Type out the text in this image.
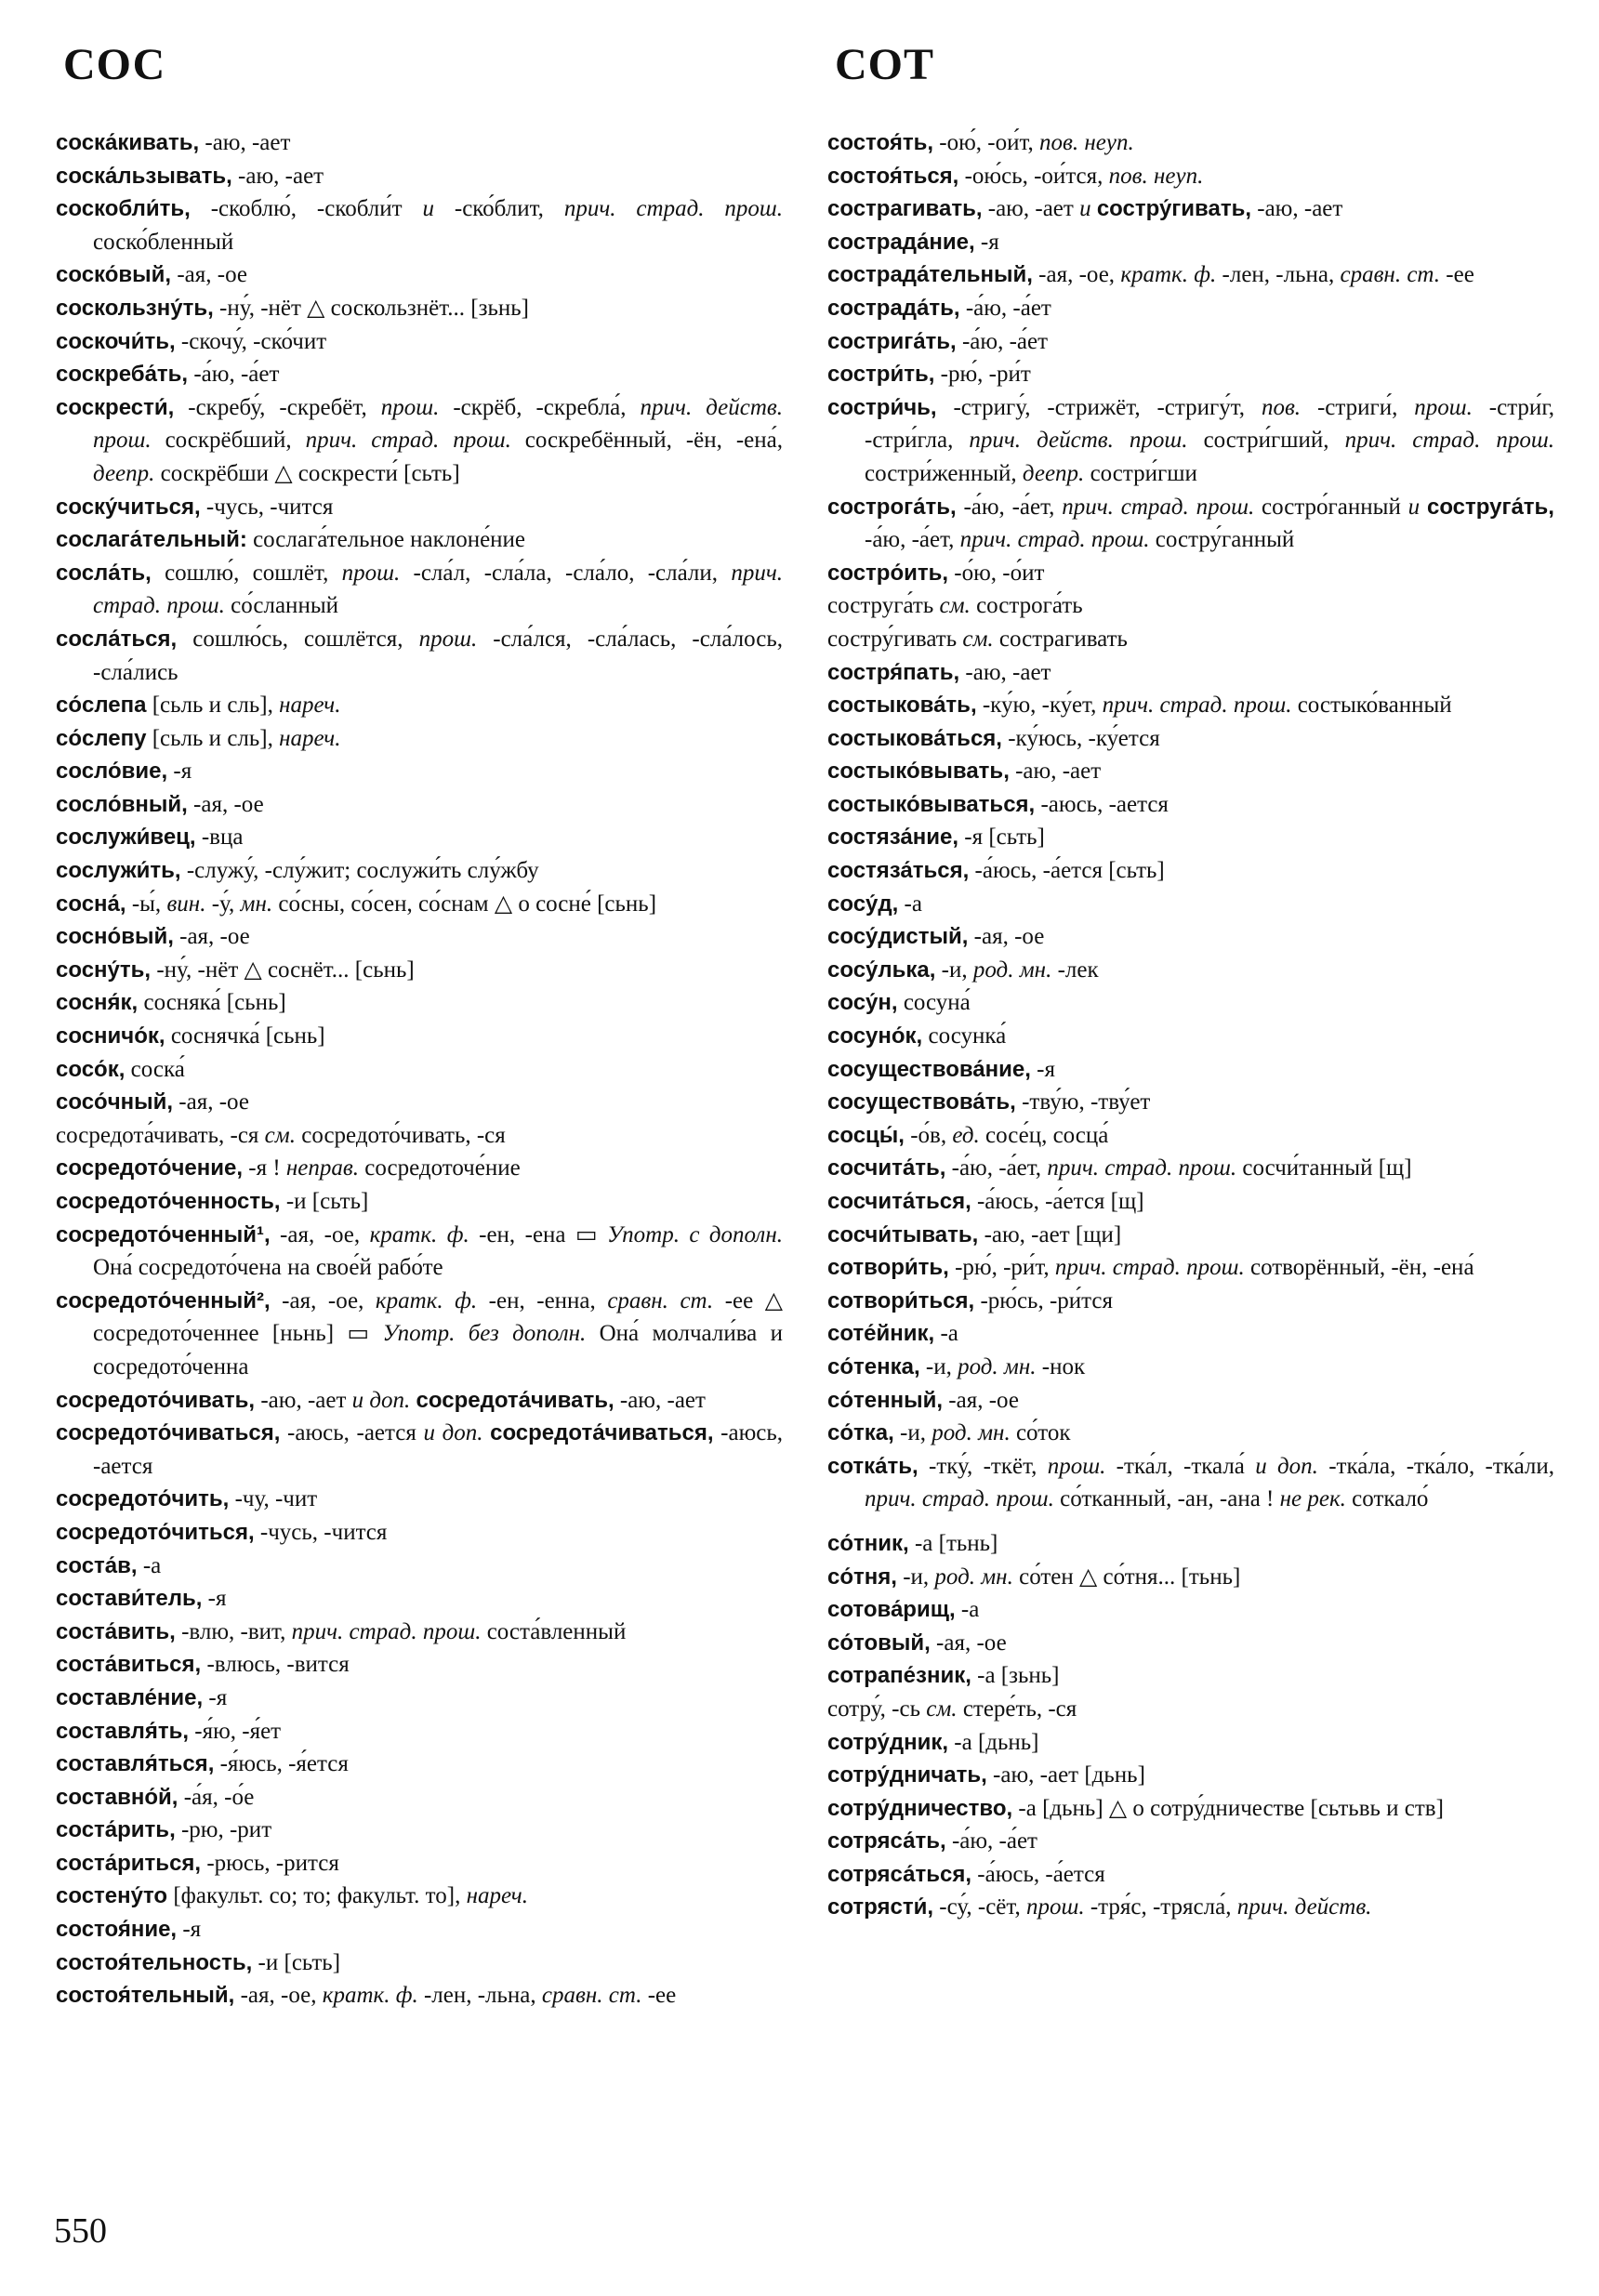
СОС	СОТ
соска́кивать, -аю, -ает
соска́льзывать, -аю, -ает
соскобли́ть, -скоблю́, -скобли́т и -ско́блит, прич. страд. прош. соско́бленный
соско́вый, -ая, -ое
соскользну́ть, -ну́, -нёт △ соскользнёт... [зьнь]
соскочи́ть, -скочу́, -ско́чит
соскреба́ть, -а́ю, -а́ет
соскрести́, -скребу́, -скребёт, прош. -скрёб, -скребла́, прич. действ. прош. соскрёбший, прич. страд. прош. соскребённый, -ён, -ена́, деепр. соскрёбши △ соскрести́ [сьть]
соску́читься, -чусь, -чится
сослага́тельный: сослага́тельное наклоне́ние
сосла́ть, сошлю́, сошлёт, прош. -сла́л, -сла́ла, -сла́ло, -сла́ли, прич. страд. прош. со́сланный
сосла́ться, сошлю́сь, сошлётся, прош. -сла́лся, -сла́лась, -сла́лось, -сла́лись
со́слепа [сьль и сль], нареч.
со́слепу [сьль и сль], нареч.
сосло́вие, -я
сосло́вный, -ая, -ое
сослужи́вец, -вца
сослужи́ть, -служу́, -слу́жит; сослужи́ть слу́жбу
сосна́, -ы́, вин. -у́, мн. со́сны, со́сен, со́снам △ о сосне́ [сьнь]
сосно́вый, -ая, -ое
сосну́ть, -ну́, -нёт △ соснёт... [сьнь]
сосня́к, сосняка́ [сьнь]
сосничо́к, соснячка́ [сьнь]
сосо́к, соска́
сосо́чный, -ая, -ое
сосредота́чивать, -ся см. сосредото́чивать, -ся
сосредото́чение, -я ! неправ. сосредоточе́ние
сосредото́ченность, -и [сьть]
сосредото́ченный¹, -ая, -ое, кратк. ф. -ен, -ена ▭ Употр. с дополн. Она́ сосредото́чена на свое́й рабо́те
сосредото́ченный², -ая, -ое, кратк. ф. -ен, -енна, сравн. ст. -ее △ сосредото́ченнее [ньнь] ▭ Употр. без дополн. Она́ молчали́ва и сосредото́ченна
сосредото́чивать, -аю, -ает и доп. сосредота́чивать, -аю, -ает
сосредото́чиваться, -аюсь, -ается и доп. сосредота́чиваться, -аюсь, -ается
сосредото́чить, -чу, -чит
сосредото́читься, -чусь, -чится
соста́в, -а
состави́тель, -я
соста́вить, -влю, -вит, прич. страд. прош. соста́вленный
соста́виться, -влюсь, -вится
составле́ние, -я
составля́ть, -я́ю, -я́ет
составля́ться, -я́юсь, -я́ется
составно́й, -а́я, -о́е
соста́рить, -рю, -рит
соста́риться, -рюсь, -рится
состену́то [факульт. со; то; факульт. то], нареч.
состоя́ние, -я
состоя́тельность, -и [сьть]
состоя́тельный, -ая, -ое, кратк. ф. -лен, -льна, сравн. ст. -ее
состоя́ть, -ою́, -ои́т, пов. неуп.
состоя́ться, -ою́сь, -ои́тся, пов. неуп.
сострагивать, -аю, -ает и состру́гивать, -аю, -ает
сострада́ние, -я
сострада́тельный, -ая, -ое, кратк. ф. -лен, -льна, сравн. ст. -ее
сострада́ть, -а́ю, -а́ет
сострига́ть, -а́ю, -а́ет
состри́ть, -рю́, -ри́т
состри́чь, -стригу́, -стрижёт, -стригу́т, пов. -стриги́, прош. -стри́г, -стри́гла, прич. действ. прош. состри́гший, прич. страд. прош. состри́женный, деепр. состри́гши
сострога́ть, -а́ю, -а́ет, прич. страд. прош. состро́ганный и соструга́ть, -а́ю, -а́ет, прич. страд. прош. состру́ганный
состро́ить, -о́ю, -о́ит
соструга́ть см. сострога́ть
состру́гивать см. сострагивать
состря́пать, -аю, -ает
состыкова́ть, -ку́ю, -ку́ет, прич. страд. прош. состыко́ванный
состыкова́ться, -ку́юсь, -ку́ется
состыко́вывать, -аю, -ает
состыко́вываться, -аюсь, -ается
состяза́ние, -я [сьть]
состяза́ться, -а́юсь, -а́ется [сьть]
сосу́д, -а
сосу́дистый, -ая, -ое
сосу́лька, -и, род. мн. -лек
сосу́н, сосуна́
сосуно́к, сосунка́
сосуществова́ние, -я
сосуществова́ть, -тву́ю, -тву́ет
сосцы́, -о́в, ед. сосе́ц, сосца́
сосчита́ть, -а́ю, -а́ет, прич. страд. прош. сосчи́танный [щ]
сосчита́ться, -а́юсь, -а́ется [щ]
сосчи́тывать, -аю, -ает [щи]
сотвори́ть, -рю́, -ри́т, прич. страд. прош. сотворённый, -ён, -ена́
сотвори́ться, -рю́сь, -ри́тся
соте́йник, -а
со́тенка, -и, род. мн. -нок
со́тенный, -ая, -ое
со́тка, -и, род. мн. со́ток
сотка́ть, -тку́, -ткёт, прош. -тка́л, -ткала́ и доп. -тка́ла, -тка́ло, -тка́ли, прич. страд. прош. со́тканный, -ан, -ана ! не рек. соткало́
со́тник, -а [тьнь]
со́тня, -и, род. мн. со́тен △ со́тня... [тьнь]
сотова́рищ, -а
со́товый, -ая, -ое
сотрапе́зник, -а [зьнь]
сотру́, -сь см. стере́ть, -ся
сотру́дник, -а [дьнь]
сотру́дничать, -аю, -ает [дьнь]
сотру́дничество, -а [дьнь] △ о сотру́дничестве [сьтьвь и ств]
сотряса́ть, -а́ю, -а́ет
сотряса́ться, -а́юсь, -а́ется
сотрясти́, -су́, -сёт, прош. -тря́с, -трясла́, прич. действ.
550
